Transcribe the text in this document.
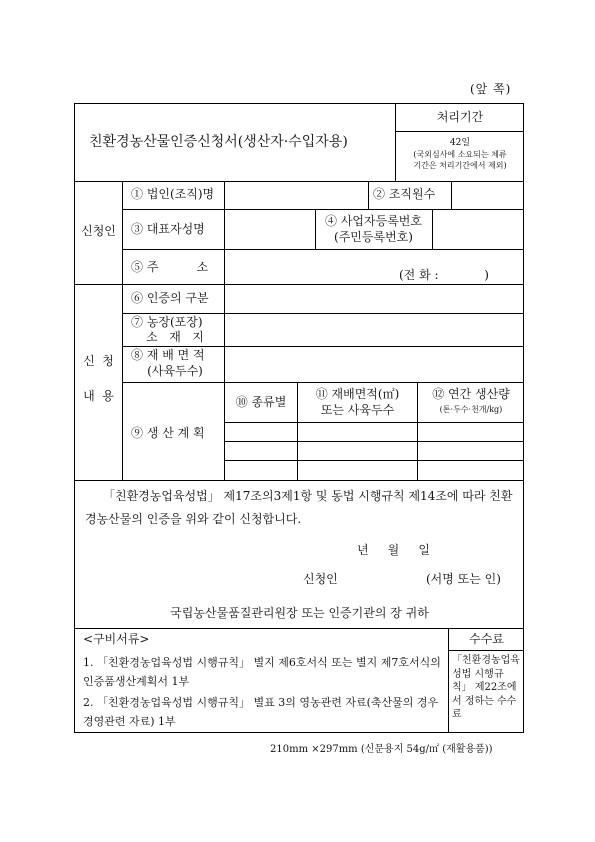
(앞 쪽)
친환경농산물인증신청서(생산자·수입자용)
처리기간
42일
(국외심사에 소요되는 체류
기간은 처리기간에서 제외)
신청인
① 법인(조직)명	② 조직원수
③ 대표자성명
④ 사업자등록번호
(주민등록번호)
⑤ 주          소
(전 화 :            )
신  청
내  용
⑥ 인증의 구분
⑦ 농장(포장)
소   재   지
⑧ 재 배 면 적
(사육두수)
⑨ 생 산 계 획
⑩ 종류별
⑪ 재배면적(㎡)
또는 사육두수
⑫ 연간 생산량
(톤·두수·천개/kg)
「친환경농업육성법」 제17조의3제1항 및 동법 시행규칙 제14조에 따라 친환경농산물의 인증을 위와 같이 신청합니다.
년     월     일
신청인	(서명 또는 인)
국립농산물품질관리원장 또는 인증기관의 장 귀하
<구비서류>
1. 「친환경농업육성법 시행규칙」 별지 제6호서식 또는 별지 제7호서식의 인증품생산계획서 1부
2. 「친환경농업육성법 시행규칙」 별표 3의 영농관련 자료(축산물의 경우 경영관련 자료) 1부
수수료
「친환경농업육성법 시행규칙」 제22조에서 정하는 수수료
210mm ×297mm (신문용지 54g/㎡ (재활용품))
